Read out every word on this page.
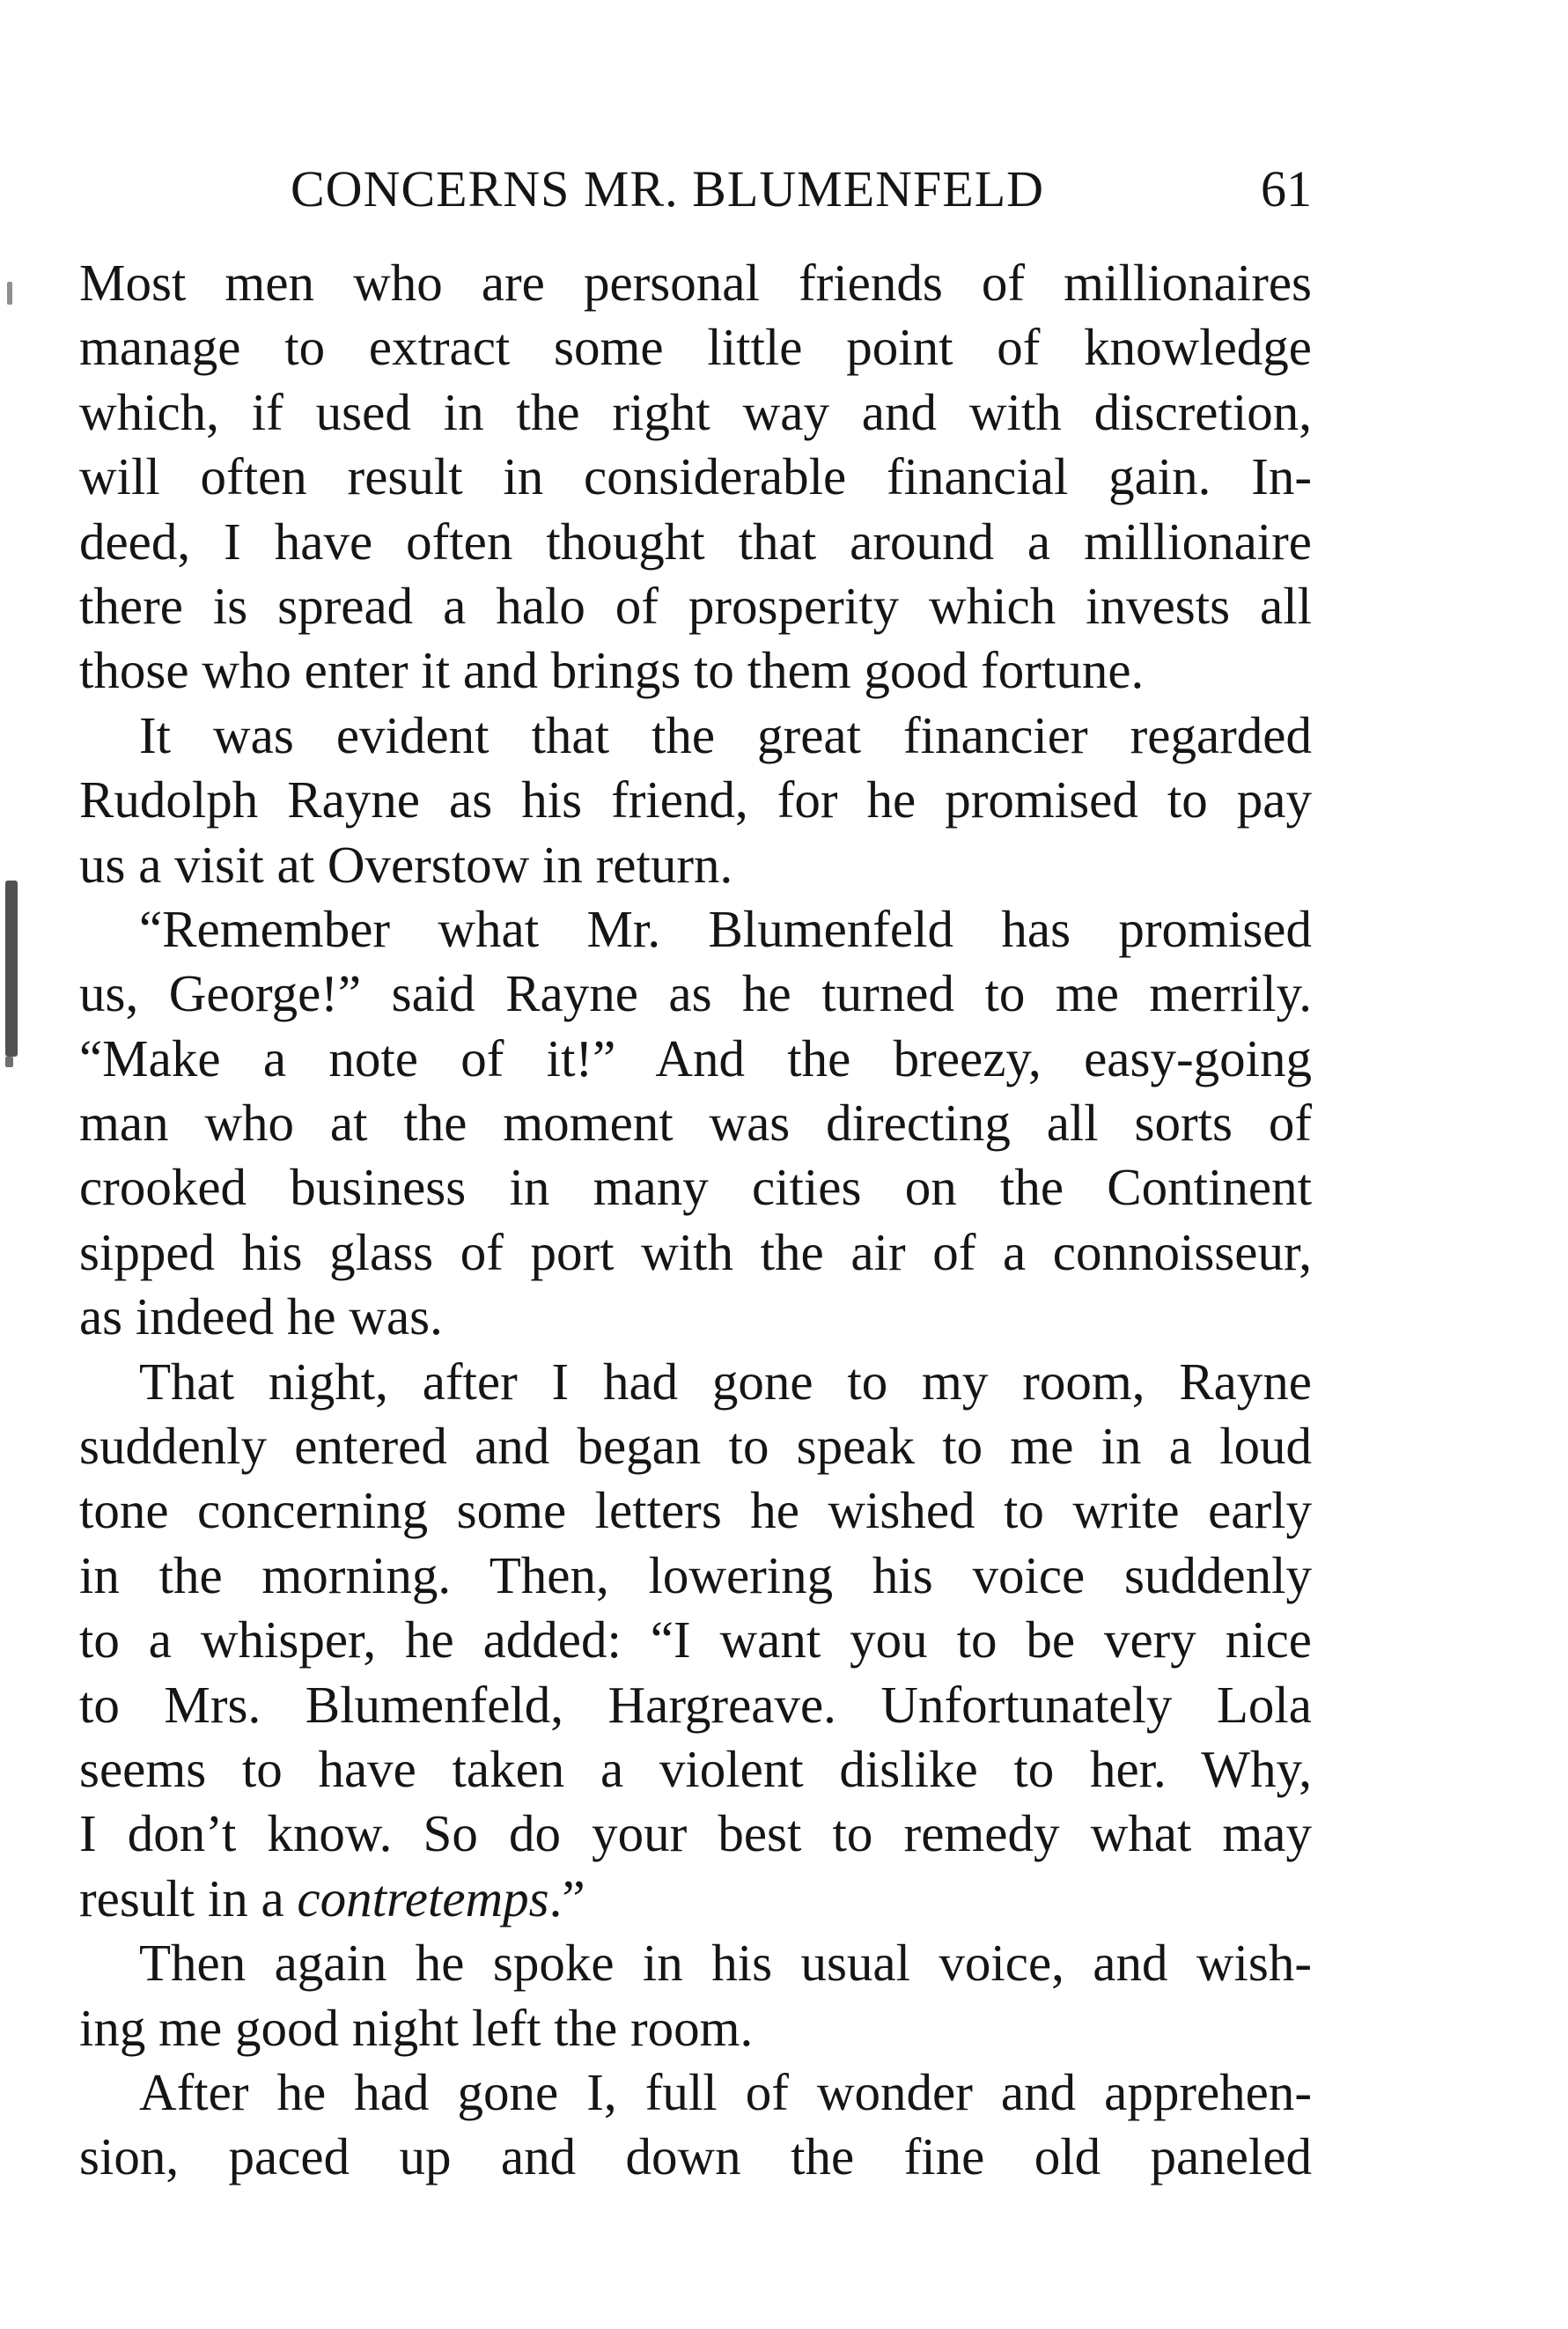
CONCERNS MR. BLUMENFELD	61
Most men who are personal friends of millionaires
manage to extract some little point of knowledge
which, if used in the right way and with discretion,
will often result in considerable financial gain. In-
deed, I have often thought that around a millionaire
there is spread a halo of prosperity which invests all
those who enter it and brings to them good fortune.
It was evident that the great financier regarded
Rudolph Rayne as his friend, for he promised to pay
us a visit at Overstow in return.
“Remember what Mr. Blumenfeld has promised
us, George!” said Rayne as he turned to me merrily.
“Make a note of it!” And the breezy, easy-going
man who at the moment was directing all sorts of
crooked business in many cities on the Continent
sipped his glass of port with the air of a connoisseur,
as indeed he was.
That night, after I had gone to my room, Rayne
suddenly entered and began to speak to me in a loud
tone concerning some letters he wished to write early
in the morning. Then, lowering his voice suddenly
to a whisper, he added: “I want you to be very nice
to Mrs. Blumenfeld, Hargreave. Unfortunately Lola
seems to have taken a violent dislike to her. Why,
I don’t know. So do your best to remedy what may
result in a contretemps.”
Then again he spoke in his usual voice, and wish-
ing me good night left the room.
After he had gone I, full of wonder and apprehen-
sion, paced up and down the fine old paneled
